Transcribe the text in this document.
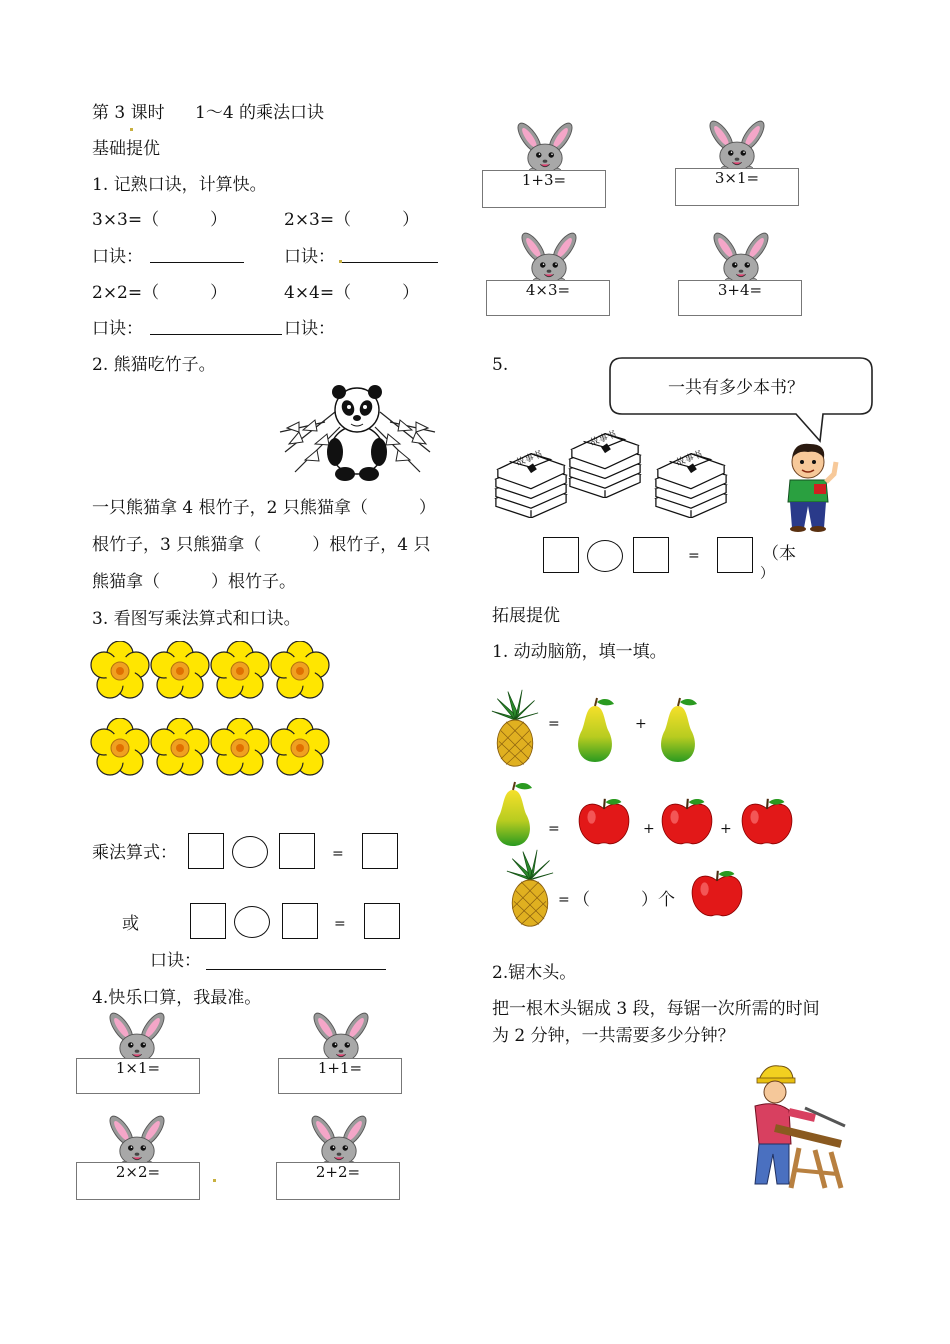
第 3 课时 1～4 的乘法口诀
基础提优
1. 记熟口诀，计算快。
3×3=（　　　）	2×3=（　　　）
口诀：	口诀：
2×2=（　　　）	4×4=（　　　）
口诀：	口诀：
2. 熊猫吃竹子。
一只熊猫拿 4 根竹子，2 只熊猫拿（　　　）
根竹子，3 只熊猫拿（　　　）根竹子，4 只
熊猫拿（　　　）根竹子。
3. 看图写乘法算式和口诀。
乘法算式：	=
或	=
口诀：
4.快乐口算，我最准。
1×1=	1+1=
2×2=	2+2=
1+3=	3×1=
4×3=	3+4=
5.
一共有多少本书？
故事书
故事书
故事书
=	（本
）
拓展提优
1. 动动脑筋，填一填。
=	+
=	+	+
= （　　　）个
2.锯木头。
把一根木头锯成 3 段，每锯一次所需的时间
为 2 分钟，一共需要多少分钟？
